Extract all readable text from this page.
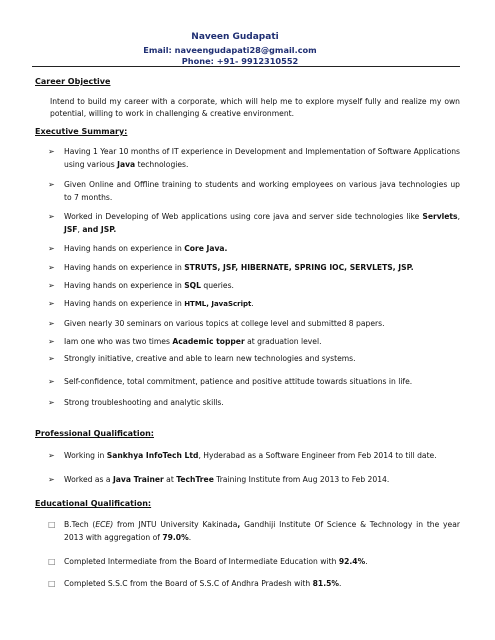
Naveen Gudapati
Email: naveengudapati28@gmail.com
Phone: +91- 9912310552
Career Objective
Intend to build my career with a corporate, which will help me to explore myself fully and realize my own potential, willing to work in challenging & creative environment.
Executive Summary:
➢ Having 1 Year 10 months of IT experience in Development and Implementation of Software Applications using various Java technologies.
➢ Given Online and Offline training to students and working employees on various java technologies up to 7 months.
➢ Worked in Developing of Web applications using core java and server side technologies like Servlets, JSF, and JSP.
➢ Having hands on experience in Core Java.
➢ Having hands on experience in STRUTS, JSF, HIBERNATE, SPRING IOC, SERVLETS, JSP.
➢ Having hands on experience in SQL queries.
➢ Having hands on experience in HTML, JavaScript.
➢ Given nearly 30 seminars on various topics at college level and submitted 8 papers.
➢ Iam one who was two times Academic topper at graduation level.
➢ Strongly initiative, creative and able to learn new technologies and systems.
➢ Self-confidence, total commitment, patience and positive attitude towards situations in life.
➢ Strong troubleshooting and analytic skills.
Professional Qualification:
➢ Working in Sankhya InfoTech Ltd, Hyderabad as a Software Engineer from Feb 2014 to till date.
➢ Worked as a Java Trainer at TechTree Training Institute from Aug 2013 to Feb 2014.
Educational Qualification:
□ B.Tech (ECE) from JNTU University Kakinada, Gandhiji Institute Of Science & Technology in the year 2013 with aggregation of 79.0%.
□ Completed Intermediate from the Board of Intermediate Education with 92.4%.
□ Completed S.S.C from the Board of S.S.C of Andhra Pradesh with 81.5%.
